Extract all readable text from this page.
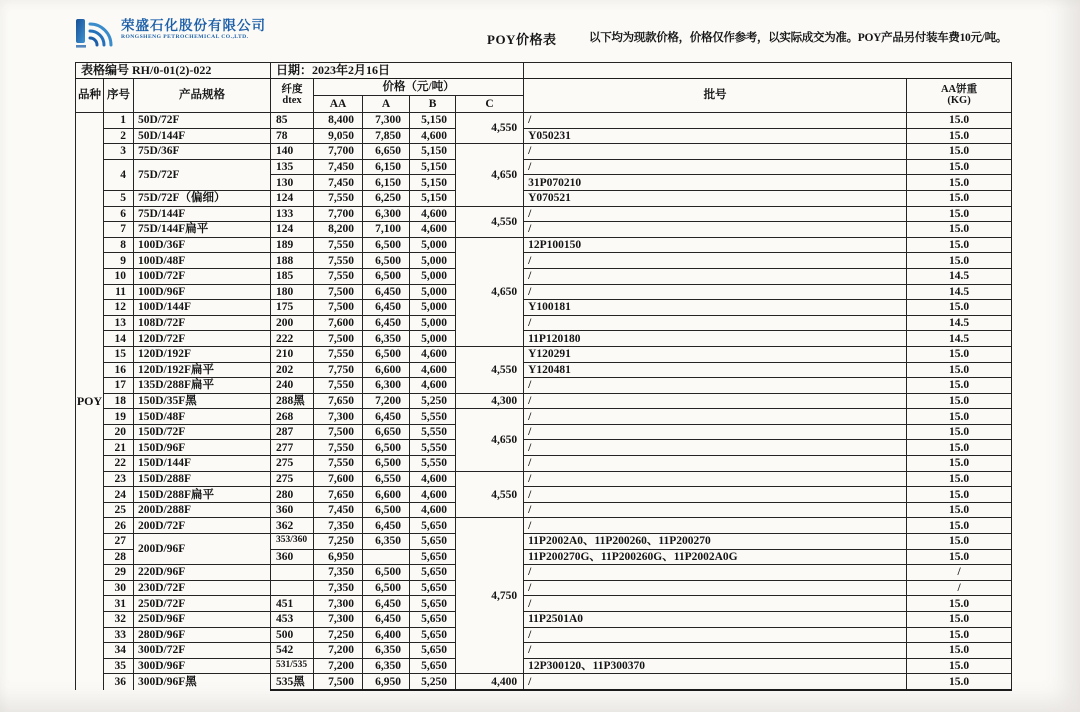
荣盛石化股份有限公司
RONGSHENG PETROCHEMICAL CO.,LTD.	POY价格表	以下均为现款价格，价格仅作参考，以实际成交为准。POY产品另付装车费10元/吨。
表格编号 RH/0-01(2)-022			日期：2023年2月16日						
品种	序号	产品规格	纤度
dtex
	价格（元/吨）	批号	AA饼重
(KG)

				AA	A	B	C		
POY	1	50D/72F	85	8,400	7,300	5,150	4,550	/	15.0
	2	50D/144F	78	9,050	7,850	4,600		Y050231	15.0
	3	75D/36F	140	7,700	6,650	5,150	4,650	/	15.0
	4	75D/72F	135	7,450	6,150	5,150		/	15.0
			130	7,450	6,150	5,150		31P070210	15.0
	5	75D/72F（偏细）	124	7,550	6,250	5,150		Y070521	15.0
	6	75D/144F	133	7,700	6,300	4,600	4,550	/	15.0
	7	75D/144F扁平	124	8,200	7,100	4,600		/	15.0
	8	100D/36F	189	7,550	6,500	5,000	4,650	12P100150	15.0
	9	100D/48F	188	7,550	6,500	5,000		/	15.0
	10	100D/72F	185	7,550	6,500	5,000		/	14.5
	11	100D/96F	180	7,500	6,450	5,000		/	14.5
	12	100D/144F	175	7,500	6,450	5,000		Y100181	15.0
	13	108D/72F	200	7,600	6,450	5,000		/	14.5
	14	120D/72F	222	7,500	6,350	5,000		11P120180	14.5
	15	120D/192F	210	7,550	6,500	4,600	4,550	Y120291	15.0
	16	120D/192F扁平	202	7,750	6,600	4,600		Y120481	15.0
	17	135D/288F扁平	240	7,550	6,300	4,600		/	15.0
	18	150D/35F黑	288黑	7,650	7,200	5,250	4,300	/	15.0
	19	150D/48F	268	7,300	6,450	5,550	4,650	/	15.0
	20	150D/72F	287	7,500	6,650	5,550		/	15.0
	21	150D/96F	277	7,550	6,500	5,550		/	15.0
	22	150D/144F	275	7,550	6,500	5,550		/	15.0
	23	150D/288F	275	7,600	6,550	4,600	4,550	/	15.0
	24	150D/288F扁平	280	7,650	6,600	4,600		/	15.0
	25	200D/288F	360	7,450	6,500	4,600		/	15.0
	26	200D/72F	362	7,350	6,450	5,650	4,750	/	15.0
	27	200D/96F	353/360	7,250	6,350	5,650		11P2002A0、11P200260、11P200270	15.0
	28		360	6,950		5,650		11P200270G、11P200260G、11P2002A0G	15.0
	29	220D/96F		7,350	6,500	5,650		/	/
	30	230D/72F		7,350	6,500	5,650		/	/
	31	250D/72F	451	7,300	6,450	5,650		/	15.0
	32	250D/96F	453	7,300	6,450	5,650		11P2501A0	15.0
	33	280D/96F	500	7,250	6,400	5,650		/	15.0
	34	300D/72F	542	7,200	6,350	5,650		/	15.0
	35	300D/96F	531/535	7,200	6,350	5,650		12P300120、11P300370	15.0
	36	300D/96F黑	535黑	7,500	6,950	5,250	4,400	/	15.0
